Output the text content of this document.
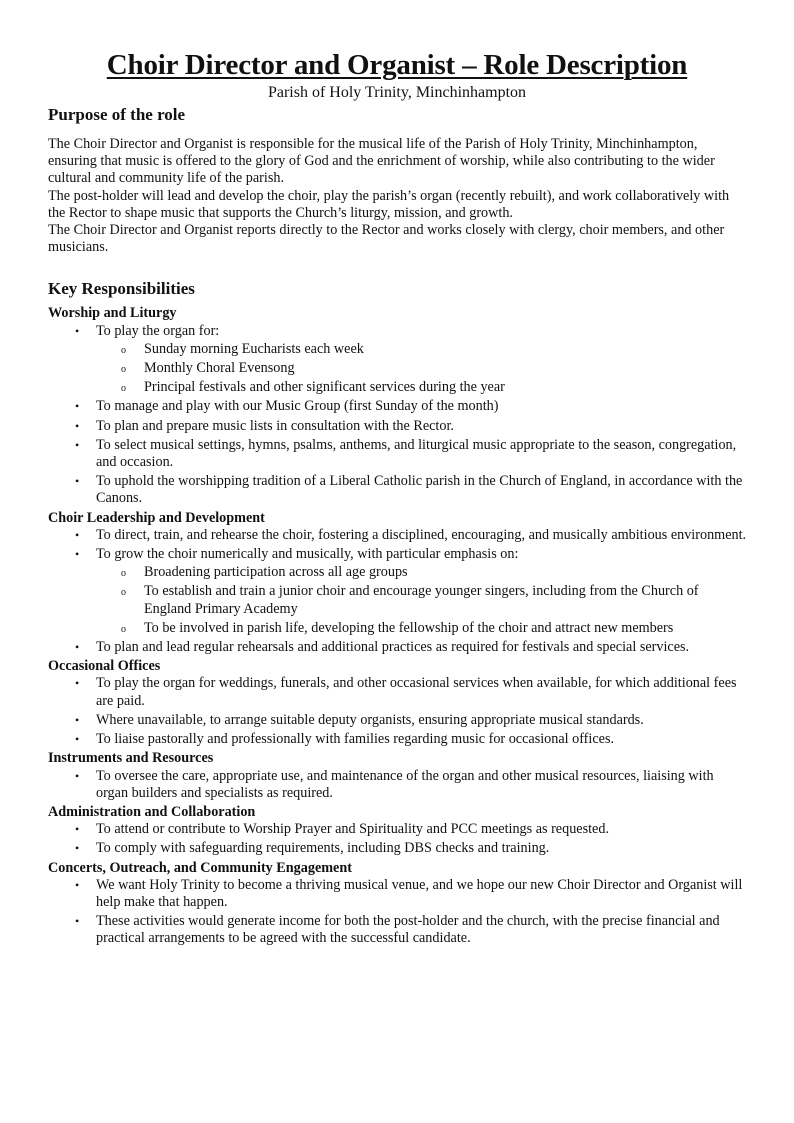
Choir Director and Organist – Role Description
Parish of Holy Trinity, Minchinhampton
Purpose of the role

The Choir Director and Organist is responsible for the musical life of the Parish of Holy Trinity, Minchinhampton, ensuring that music is offered to the glory of God and the enrichment of worship, while also contributing to the wider cultural and community life of the parish.

The post-holder will lead and develop the choir, play the parish’s organ (recently rebuilt), and work collaboratively with the Rector to shape music that supports the Church’s liturgy, mission, and growth.

The Choir Director and Organist reports directly to the Rector and works closely with clergy, choir members, and other musicians.

Key Responsibilities
Worship and Liturgy
•	To play the organ for:
o Sunday morning Eucharists each week
o Monthly Choral Evensong
o Principal festivals and other significant services during the year
•	To manage and play with our Music Group (first Sunday of the month)
•	To plan and prepare music lists in consultation with the Rector.
•	To select musical settings, hymns, psalms, anthems, and liturgical music appropriate to the season, congregation, and occasion.
•	To uphold the worshipping tradition of a Liberal Catholic parish in the Church of England, in accordance with the Canons.
Choir Leadership and Development
•	To direct, train, and rehearse the choir, fostering a disciplined, encouraging, and musically ambitious environment.
•	To grow the choir numerically and musically, with particular emphasis on:
o Broadening participation across all age groups
o To establish and train a junior choir and encourage younger singers, including from the Church of England Primary Academy
o To be involved in parish life, developing the fellowship of the choir and attract new members
•	To plan and lead regular rehearsals and additional practices as required for festivals and special services.
Occasional Offices
•	To play the organ for weddings, funerals, and other occasional services when available, for which additional fees are paid.
•	Where unavailable, to arrange suitable deputy organists, ensuring appropriate musical standards.
•	To liaise pastorally and professionally with families regarding music for occasional offices.
Instruments and Resources
•	To oversee the care, appropriate use, and maintenance of the organ and other musical resources, liaising with organ builders and specialists as required.
Administration and Collaboration
•	To attend or contribute to Worship Prayer and Spirituality and PCC meetings as requested.
•	To comply with safeguarding requirements, including DBS checks and training.
Concerts, Outreach, and Community Engagement
•	We want Holy Trinity to become a thriving musical venue, and we hope our new Choir Director and Organist will help make that happen.
•	These activities would generate income for both the post-holder and the church, with the precise financial and practical arrangements to be agreed with the successful candidate.
